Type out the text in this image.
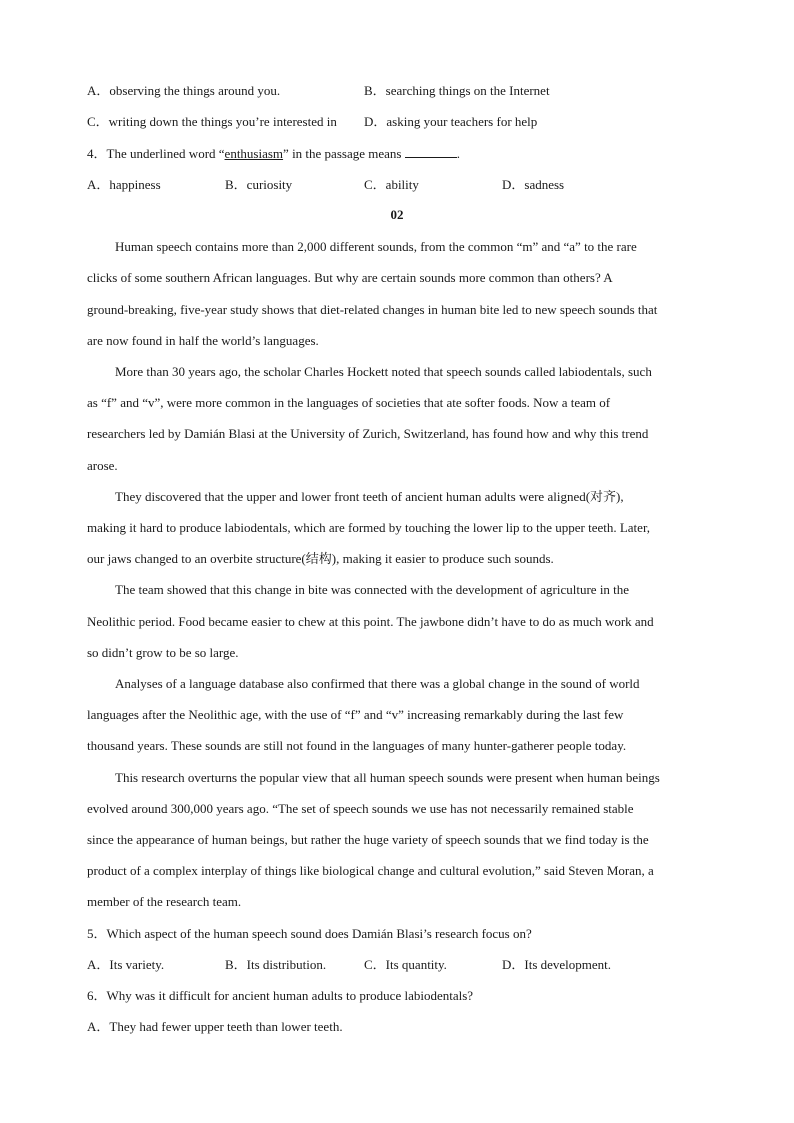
A．observing the things around you.	B．searching things on the Internet
C．writing down the things you’re interested in D．asking your teachers for help
4．The underlined word “enthusiasm” in the passage means	.
A．happiness	B．curiosity	C．ability	D．sadness
02
Human speech contains more than 2,000 different sounds, from the common “m” and “a” to the rare
clicks of some southern African languages. But why are certain sounds more common than others? A
ground-breaking, five-year study shows that diet-related changes in human bite led to new speech sounds that
are now found in half the world’s languages.
More than 30 years ago, the scholar Charles Hockett noted that speech sounds called labiodentals, such
as “f” and “v”, were more common in the languages of societies that ate softer foods. Now a team of
researchers led by Damián Blasi at the University of Zurich, Switzerland, has found how and why this trend
arose.
They discovered that the upper and lower front teeth of ancient human adults were aligned(对齐),
making it hard to produce labiodentals, which are formed by touching the lower lip to the upper teeth. Later,
our jaws changed to an overbite structure(结构), making it easier to produce such sounds.
The team showed that this change in bite was connected with the development of agriculture in the
Neolithic period. Food became easier to chew at this point. The jawbone didn’t have to do as much work and
so didn’t grow to be so large.
Analyses of a language database also confirmed that there was a global change in the sound of world
languages after the Neolithic age, with the use of “f” and “v” increasing remarkably during the last few
thousand years. These sounds are still not found in the languages of many hunter-gatherer people today.
This research overturns the popular view that all human speech sounds were present when human beings
evolved around 300,000 years ago. “The set of speech sounds we use has not necessarily remained stable
since the appearance of human beings, but rather the huge variety of speech sounds that we find today is the
product of a complex interplay of things like biological change and cultural evolution,” said Steven Moran, a
member of the research team.
5．Which aspect of the human speech sound does Damián Blasi’s research focus on?
A．Its variety.	B．Its distribution.	C．Its quantity.	D．Its development.
6．Why was it difficult for ancient human adults to produce labiodentals?
A．They had fewer upper teeth than lower teeth.
